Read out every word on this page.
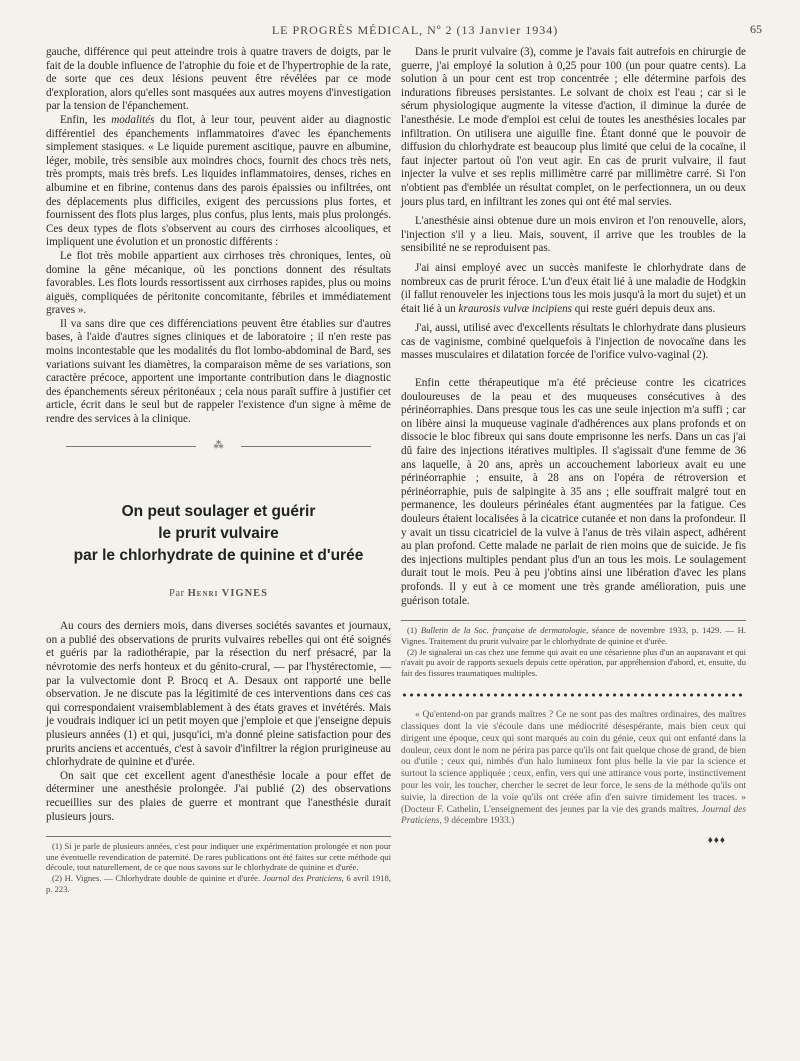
LE PROGRÈS MÉDICAL, Nº 2 (13 Janvier 1934)	65

gauche, différence qui peut atteindre trois à quatre travers de doigts, par le fait de la double influence de l'atrophie du foie et de l'hypertrophie de la rate, de sorte que ces deux lésions peuvent être révélées par ce mode d'exploration, alors qu'elles sont masquées aux autres moyens d'investigation par la tension de l'épanchement.

Enfin, les modalités du flot, à leur tour, peuvent aider au diagnostic différentiel des épanchements inflammatoires d'avec les épanchements simplement stasiques. « Le liquide purement ascitique, pauvre en albumine, léger, mobile, très sensible aux moindres chocs, fournit des chocs très nets, très prompts, mais très brefs. Les liquides inflammatoires, denses, riches en albumine et en fibrine, contenus dans des parois épaissies ou infiltrées, ont des déplacements plus difficiles, exigent des percussions plus fortes, et fournissent des flots plus larges, plus confus, plus lents, mais plus prolongés. Ces deux types de flots s'observent au cours des cirrhoses alcooliques, et impliquent une évolution et un pronostic différents :

Le flot très mobile appartient aux cirrhoses très chroniques, lentes, où domine la gêne mécanique, où les ponctions donnent des résultats favorables. Les flots lourds ressortissent aux cirrhoses rapides, plus ou moins aiguës, compliquées de péritonite concomitante, fébriles et immédiatement graves ».

Il va sans dire que ces différenciations peuvent être établies sur d'autres bases, à l'aide d'autres signes cliniques et de laboratoire ; il n'en reste pas moins incontestable que les modalités du flot lombo-abdominal de Bard, ses variations suivant les diamètres, la comparaison même de ses variations, son caractère précoce, apportent une importante contribution dans le diagnostic des épanchements séreux péritonéaux ; cela nous paraît suffire à justifier cet article, écrit dans le seul but de rappeler l'existence d'un signe à même de rendre des services à la clinique.

⁂
On peut soulager et guérir
le prurit vulvaire
par le chlorhydrate de quinine et d'urée
Par Henri VIGNES

Au cours des derniers mois, dans diverses sociétés savantes et journaux, on a publié des observations de prurits vulvaires rebelles qui ont été soignés et guéris par la radiothérapie, par la résection du nerf présacré, par la névrotomie des nerfs honteux et du génito-crural, — par l'hystérectomie, — par la vulvectomie dont P. Brocq et A. Desaux ont rapporté une belle observation. Je ne discute pas la légitimité de ces interventions dans ces cas qui correspondaient vraisemblablement à des états graves et invétérés. Mais je voudrais indiquer ici un petit moyen que j'emploie et que j'enseigne depuis plusieurs années (1) et qui, jusqu'ici, m'a donné pleine satisfaction pour des prurits anciens et accentués, c'est à savoir d'infiltrer la région prurigineuse au chlorhydrate de quinine et d'urée.

On sait que cet excellent agent d'anesthésie locale a pour effet de déterminer une anesthésie prolongée. J'ai publié (2) des observations recueillies sur des plaies de guerre et montrant que l'anesthésie durait plusieurs jours.

(1) Si je parle de plusieurs années, c'est pour indiquer une expérimentation prolongée et non pour une éventuelle revendication de paternité. De rares publications ont été faites sur cette méthode qui découle, tout naturellement, de ce que nous savons sur le chlorhydrate de quinine et d'urée.

(2) H. Vignes. — Chlorhydrate double de quinine et d'urée. Journal des Praticiens, 6 avril 1918, p. 223.

Dans le prurit vulvaire (3), comme je l'avais fait autrefois en chirurgie de guerre, j'ai employé la solution à 0,25 pour 100 (un pour quatre cents). La solution à un pour cent est trop concentrée ; elle détermine parfois des indurations fibreuses persistantes. Le solvant de choix est l'eau ; car si le sérum physiologique augmente la vitesse d'action, il diminue la durée de l'anesthésie. Le mode d'emploi est celui de toutes les anesthésies locales par infiltration. On utilisera une aiguille fine. Étant donné que le pouvoir de diffusion du chlorhydrate est beaucoup plus limité que celui de la cocaïne, il faut injecter partout où l'on veut agir. En cas de prurit vulvaire, il faut injecter la vulve et ses replis millimètre carré par millimètre carré. Si l'on n'obtient pas d'emblée un résultat complet, on le perfectionnera, un ou deux jours plus tard, en infiltrant les zones qui ont été mal servies.

L'anesthésie ainsi obtenue dure un mois environ et l'on renouvelle, alors, l'injection s'il y a lieu. Mais, souvent, il arrive que les troubles de la sensibilité ne se reproduisent pas.

J'ai ainsi employé avec un succès manifeste le chlorhydrate dans de nombreux cas de prurit féroce. L'un d'eux était lié à une maladie de Hodgkin (il fallut renouveler les injections tous les mois jusqu'à la mort du sujet) et un était lié à un kraurosis vulvæ incipiens qui reste guéri depuis deux ans.

J'ai, aussi, utilisé avec d'excellents résultats le chlorhydrate dans plusieurs cas de vaginisme, combiné quelquefois à l'injection de novocaïne dans les masses musculaires et dilatation forcée de l'orifice vulvo-vaginal (2).

Enfin cette thérapeutique m'a été précieuse contre les cicatrices douloureuses de la peau et des muqueuses consécutives à des périnéorraphies. Dans presque tous les cas une seule injection m'a suffi ; car on libère ainsi la muqueuse vaginale d'adhérences aux plans profonds et on dissocie le bloc fibreux qui sans doute emprisonne les nerfs. Dans un cas j'ai dû faire des injections itératives multiples. Il s'agissait d'une femme de 36 ans laquelle, à 20 ans, après un accouchement laborieux avait eu une périnéorraphie ; ensuite, à 28 ans on l'opéra de rétroversion et périnéorraphie, puis de salpingite à 35 ans ; elle souffrait malgré tout en permanence, les douleurs périnéales étant augmentées par la fatigue. Ces douleurs étaient localisées à la cicatrice cutanée et non dans la profondeur. Il y avait un tissu cicatriciel de la vulve à l'anus de très vilain aspect, adhérent au plan profond. Cette malade ne parlait de rien moins que de suicide. Je fis des injections multiples pendant plus d'un an tous les mois. Le soulagement durait tout le mois. Peu à peu j'obtins ainsi une libération d'avec les plans profonds. Il y eut à ce moment une très grande amélioration, puis une guérison totale.

(1) Bulletin de la Soc. française de dermatologie, séance de novembre 1933, p. 1429. — H. Vignes. Traitement du prurit vulvaire par le chlorhydrate de quinine et d'urée.

(2) Je signalerai un cas chez une femme qui avait eu une césarienne plus d'un an auparavant et qui n'avait pu avoir de rapports sexuels depuis cette opération, par appréhension d'abord, et, ensuite, du fait des fissures traumatiques multiples.

« Qu'entend-on par grands maîtres ? Ce ne sont pas des maîtres ordinaires, des maîtres classiques dont la vie s'écoule dans une médiocrité désespérante, mais bien ceux qui dirigent une époque, ceux qui sont marqués au coin du génie, ceux qui ont enfanté dans la douleur, ceux dont le nom ne périra pas parce qu'ils ont fait quelque chose de grand, de bien ou d'utile ; ceux qui, nimbés d'un halo lumineux font plus belle la vie par la science et surtout la science appliquée ; ceux, enfin, vers qui une attirance vous porte, instinctivement pour les voir, les toucher, chercher le secret de leur force, le sens de la méthode qu'ils ont suivie, la direction de la voie qu'ils ont créée afin d'en suivre timidement les traces. » (Docteur F. Cathelin, L'enseignement des jeunes par la vie des grands maîtres. Journal des Praticiens, 9 décembre 1933.)

♦♦♦
